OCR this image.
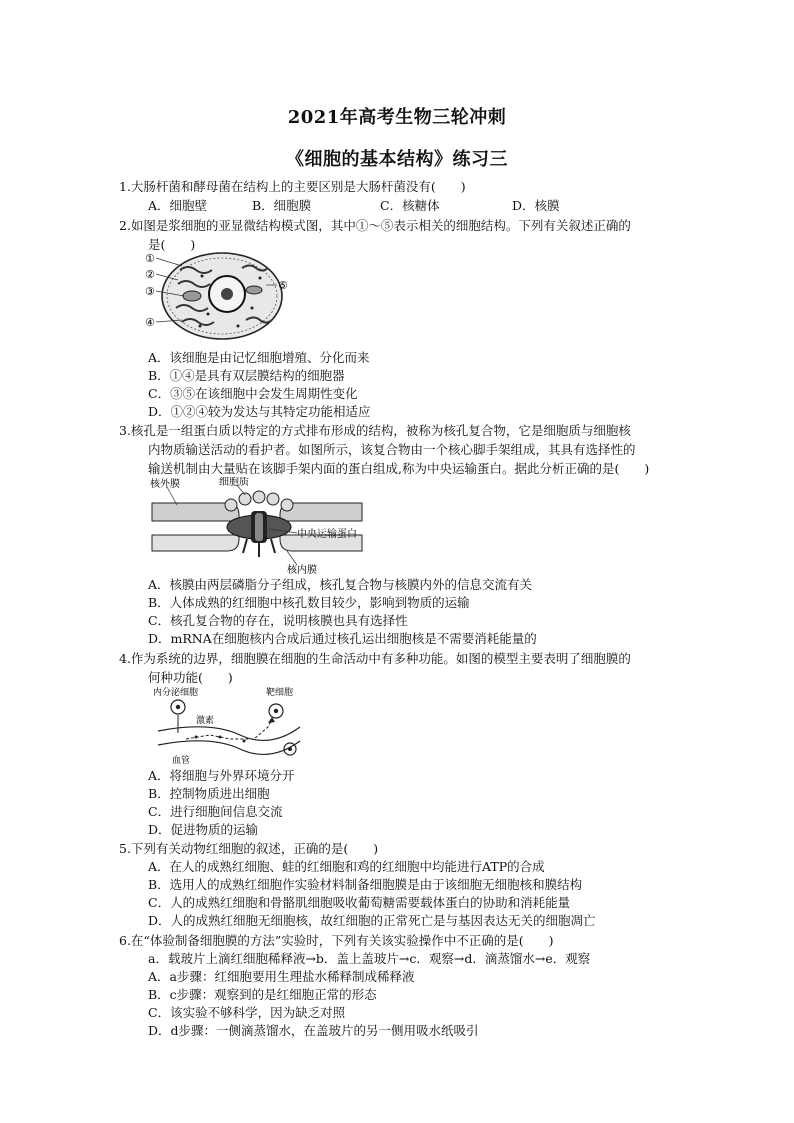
2021年高考生物三轮冲刺
《细胞的基本结构》练习三

1.大肠杆菌和酵母菌在结构上的主要区别是大肠杆菌没有(　　)

A．细胞壁	B．细胞膜	C．核糖体	D．核膜

2.如图是浆细胞的亚显微结构模式图，其中①～⑤表示相关的细胞结构。下列有关叙述正确的

是(　　)

①
②
③
④
⑤
A．该细胞是由记忆细胞增殖、分化而来
B．①④是具有双层膜结构的细胞器
C．③⑤在该细胞中会发生周期性变化
D．①②④较为发达与其特定功能相适应

3.核孔是一组蛋白质以特定的方式排布形成的结构，被称为核孔复合物，它是细胞质与细胞核

内物质输送活动的看护者。如图所示，该复合物由一个核心脚手架组成，其具有选择性的

输送机制由大量贴在该脚手架内面的蛋白组成,称为中央运输蛋白。据此分析正确的是(　　)

核外膜	细胞质
中央运输蛋白
核内膜
A．核膜由两层磷脂分子组成，核孔复合物与核膜内外的信息交流有关
B．人体成熟的红细胞中核孔数目较少，影响到物质的运输
C．核孔复合物的存在，说明核膜也具有选择性
D．mRNA在细胞核内合成后通过核孔运出细胞核是不需要消耗能量的

4.作为系统的边界，细胞膜在细胞的生命活动中有多种功能。如图的模型主要表明了细胞膜的

何种功能(　　)

内分泌细胞	靶细胞
激素
血管
A．将细胞与外界环境分开
B．控制物质进出细胞
C．进行细胞间信息交流
D．促进物质的运输

5.下列有关动物红细胞的叙述，正确的是(　　)

A．在人的成熟红细胞、蛙的红细胞和鸡的红细胞中均能进行ATP的合成
B．选用人的成熟红细胞作实验材料制备细胞膜是由于该细胞无细胞核和膜结构
C．人的成熟红细胞和骨骼肌细胞吸收葡萄糖需要载体蛋白的协助和消耗能量
D．人的成熟红细胞无细胞核，故红细胞的正常死亡是与基因表达无关的细胞凋亡

6.在“体验制备细胞膜的方法”实验时，下列有关该实验操作中不正确的是(　　)

a．载玻片上滴红细胞稀释液→b．盖上盖玻片→c．观察→d．滴蒸馏水→e．观察
A．a步骤：红细胞要用生理盐水稀释制成稀释液
B．c步骤：观察到的是红细胞正常的形态
C．该实验不够科学，因为缺乏对照
D．d步骤：一侧滴蒸馏水，在盖玻片的另一侧用吸水纸吸引
